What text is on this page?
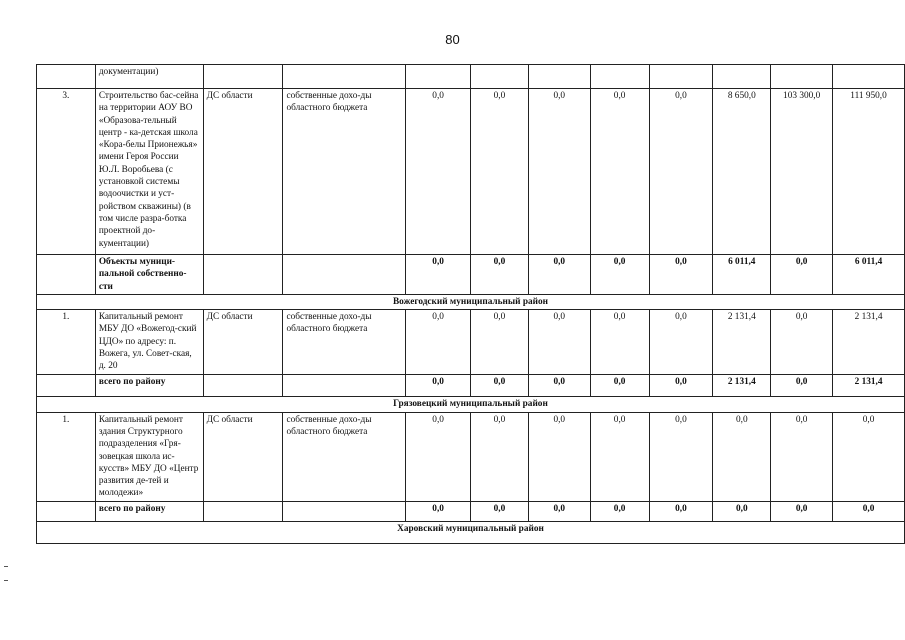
80
	документации)										
3.	Строительство бас-сейна на территории АОУ ВО «Образова-тельный центр - ка-детская школа «Кора-белы Прионежья» имени Героя России Ю.Л. Воробьева (с установкой системы водоочистки и уст-ройством скважины) (в том числе разра-ботка проектной до-кументации)	ДС области	собственные дохо-ды областного бюджета	0,0	0,0	0,0	0,0	0,0	8 650,0	103 300,0	111 950,0
	Объекты муници-пальной собственно-сти			0,0	0,0	0,0	0,0	0,0	6 011,4	0,0	6 011,4
Вожегодский муниципальный район											
1.	Капитальный ремонт МБУ ДО «Вожегод-ский ЦДО» по адресу: п. Вожега, ул. Совет-ская, д. 20	ДС области	собственные дохо-ды областного бюджета	0,0	0,0	0,0	0,0	0,0	2 131,4	0,0	2 131,4
	всего по району			0,0	0,0	0,0	0,0	0,0	2 131,4	0,0	2 131,4
Грязовецкий муниципальный район											
1.	Капитальный ремонт здания Структурного подразделения «Гря-зовецкая школа ис-кусств» МБУ ДО «Центр развития де-тей и молодежи»	ДС области	собственные дохо-ды областного бюджета	0,0	0,0	0,0	0,0	0,0	0,0	0,0	0,0
	всего по району			0,0	0,0	0,0	0,0	0,0	0,0	0,0	0,0
Харовский муниципальный район											
